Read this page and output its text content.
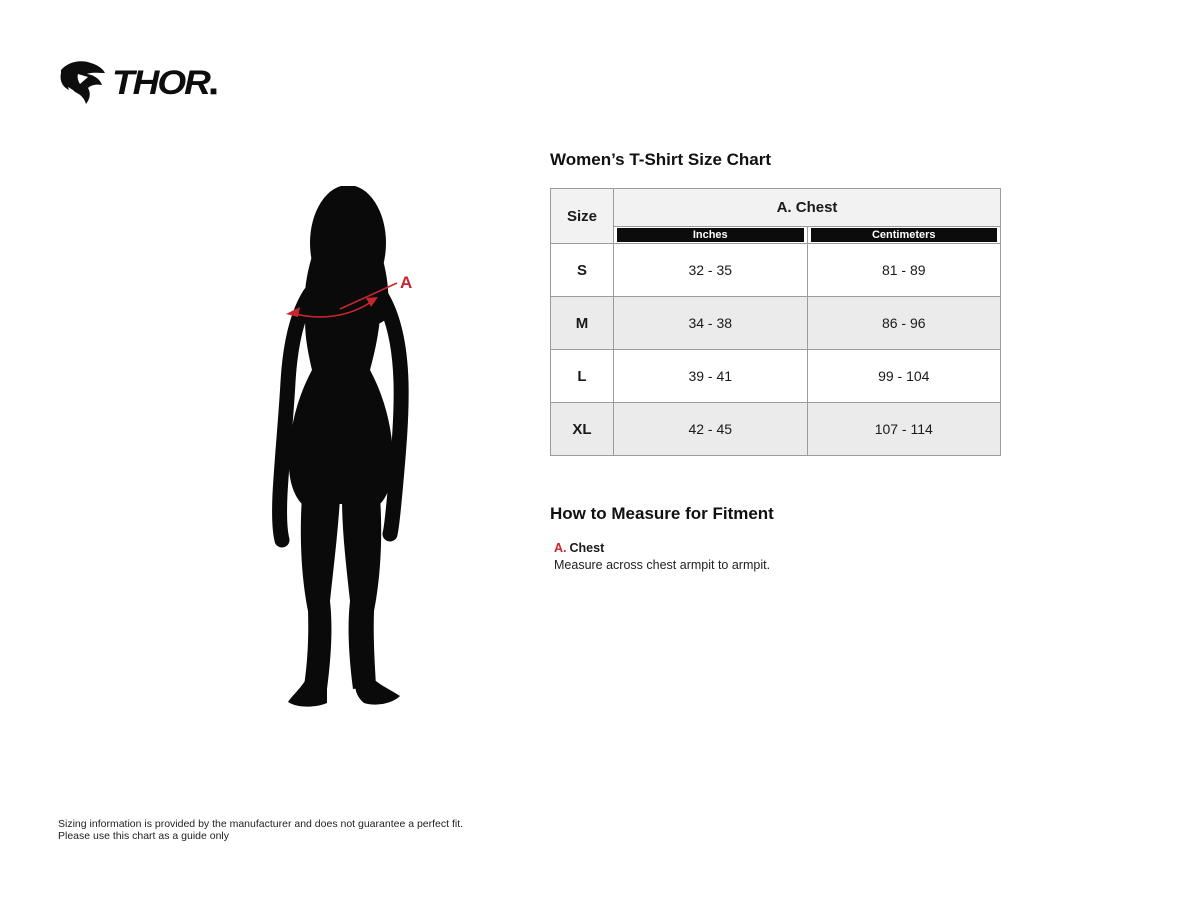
THOR ■
A
Women’s T-Shirt Size Chart
Size	A. Chest	

	Inches	Centimeters

S	32 - 35	81 - 89
M	34 - 38	86 - 96
L	39 - 41	99 - 104
XL	42 - 45	107 - 114
How to Measure for Fitment
A. Chest
Measure across chest armpit to armpit.
Sizing information is provided by the manufacturer and does not guarantee a perfect fit.
Please use this chart as a guide only
